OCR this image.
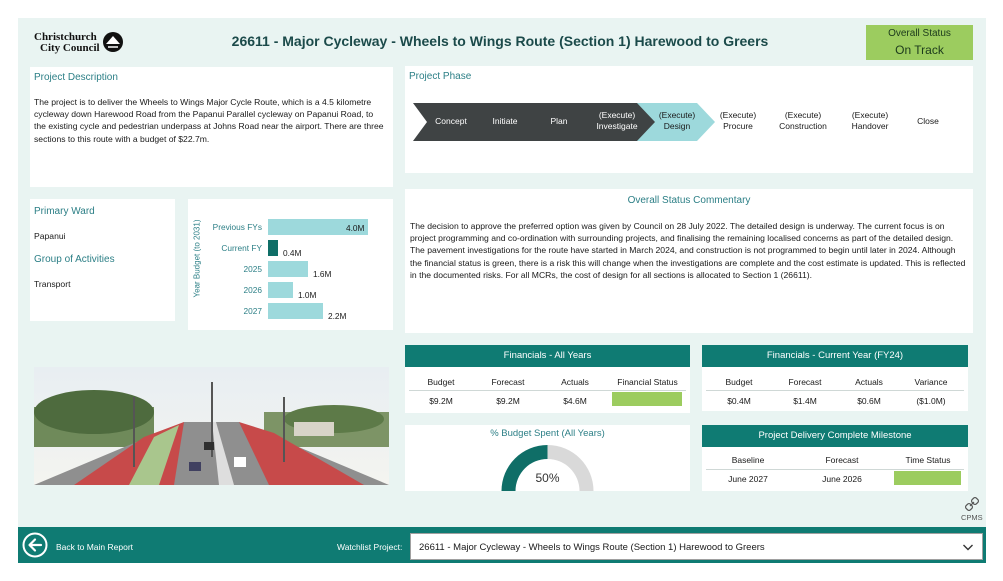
Christchurch
City Council	26611 - Major Cycleway - Wheels to Wings Route (Section 1) Harewood to Greers	Overall Status
On Track
Project Description
The project is to deliver the Wheels to Wings Major Cycle Route, which is a 4.5 kilometre cycleway down Harewood Road from the Papanui Parallel cycleway on Papanui Road, to the existing cycle and pedestrian underpass at Johns Road near the airport. There are three sections to this route with a budget of $22.7m.
Project Phase
Concept	Initiate	Plan
(Execute)
Investigate
(Execute)
Design
(Execute)
Procure
(Execute)
Construction
(Execute)
Handover	Close
Primary Ward
Papanui
Group of Activities
Transport	Year Budget (to 2031)	Previous FYs	4.0M
Current FY	0.4M
2025	1.6M
2026	1.0M
2027	2.2M
Overall Status Commentary
The decision to approve the preferred option was given by Council on 28 July 2022. The detailed design is underway. The current focus is on project programming and co-ordination with surrounding projects, and finalising the remaining localised concerns as part of the detailed design. The pavement investigations for the route have started in March 2024, and construction is not programmed to begin until later in 2024. Although the financial status is green, there is a risk this will change when the investigations are complete and the cost estimate is updated. This is reflected in the documented risks. For all MCRs, the cost of design for all sections is allocated to Section 1 (26611).
Financials - All Years
Budget	Forecast	Actuals	Financial Status
$9.2M	$9.2M	$4.6M
Financials - Current Year (FY24)
Budget	Forecast	Actuals	Variance
$0.4M	$1.4M	$0.6M	($1.0M)
% Budget Spent (All Years)
50%
Project Delivery Complete Milestone
Baseline	Forecast	Time Status
June 2027	June 2026
CPMS
Back to Main Report	Watchlist Project: 26611 - Major Cycleway - Wheels to Wings Route (Section 1) Harewood to Greers
